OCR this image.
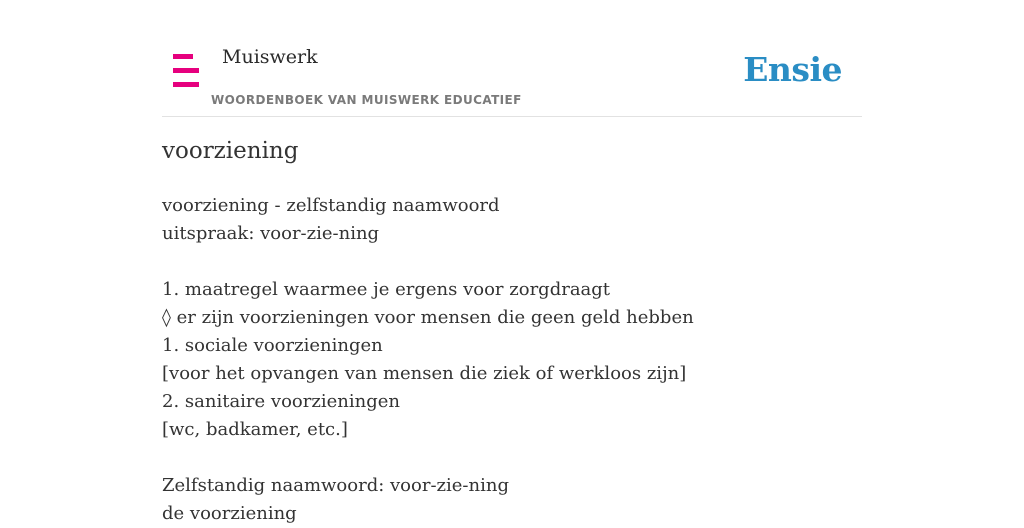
Muiswerk
WOORDENBOEK VAN MUISWERK EDUCATIEF
Ensie
voorziening
voorziening - zelfstandig naamwoord
uitspraak: voor-zie-ning
1. maatregel waarmee je ergens voor zorgdraagt
◊ er zijn voorzieningen voor mensen die geen geld hebben
1. sociale voorzieningen
[voor het opvangen van mensen die ziek of werkloos zijn]
2. sanitaire voorzieningen
[wc, badkamer, etc.]
Zelfstandig naamwoord: voor-zie-ning
de voorziening
